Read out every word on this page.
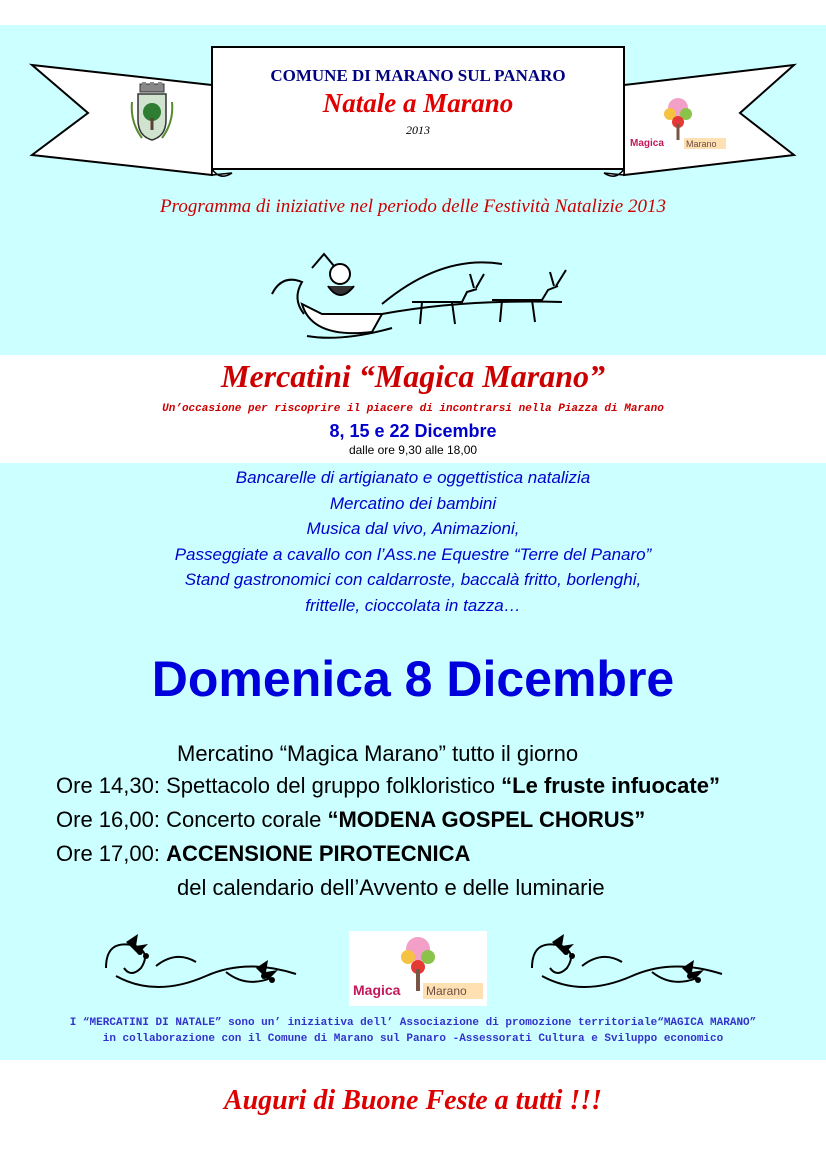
COMUNE DI MARANO SUL PANARO
Natale a Marano
2013
Magica Marano
Programma di iniziative nel periodo delle Festività Natalizie 2013
Mercatini “Magica Marano”
Un’occasione per riscoprire il piacere di incontrarsi nella Piazza di Marano
8, 15 e 22 Dicembre
dalle ore 9,30 alle 18,00
Bancarelle di artigianato e oggettistica natalizia
Mercatino dei bambini
Musica dal vivo, Animazioni,
Passeggiate a cavallo con l’Ass.ne Equestre “Terre del Panaro”
Stand gastronomici con caldarroste, baccalà fritto, borlenghi,
frittelle, cioccolata in tazza…
Domenica 8 Dicembre
Mercatino “Magica Marano” tutto il giorno
Ore 14,30: Spettacolo del gruppo folkloristico “Le fruste infuocate”
Ore 16,00: Concerto corale “MODENA GOSPEL CHORUS”
Ore 17,00: ACCENSIONE PIROTECNICA
del calendario dell’Avvento e delle luminarie
Magica Marano
I “MERCATINI DI NATALE” sono un’ iniziativa dell’ Associazione di promozione territoriale“MAGICA MARANO”
in collaborazione con il Comune di Marano sul Panaro -Assessorati Cultura e Sviluppo economico
Auguri di Buone Feste a tutti !!!
